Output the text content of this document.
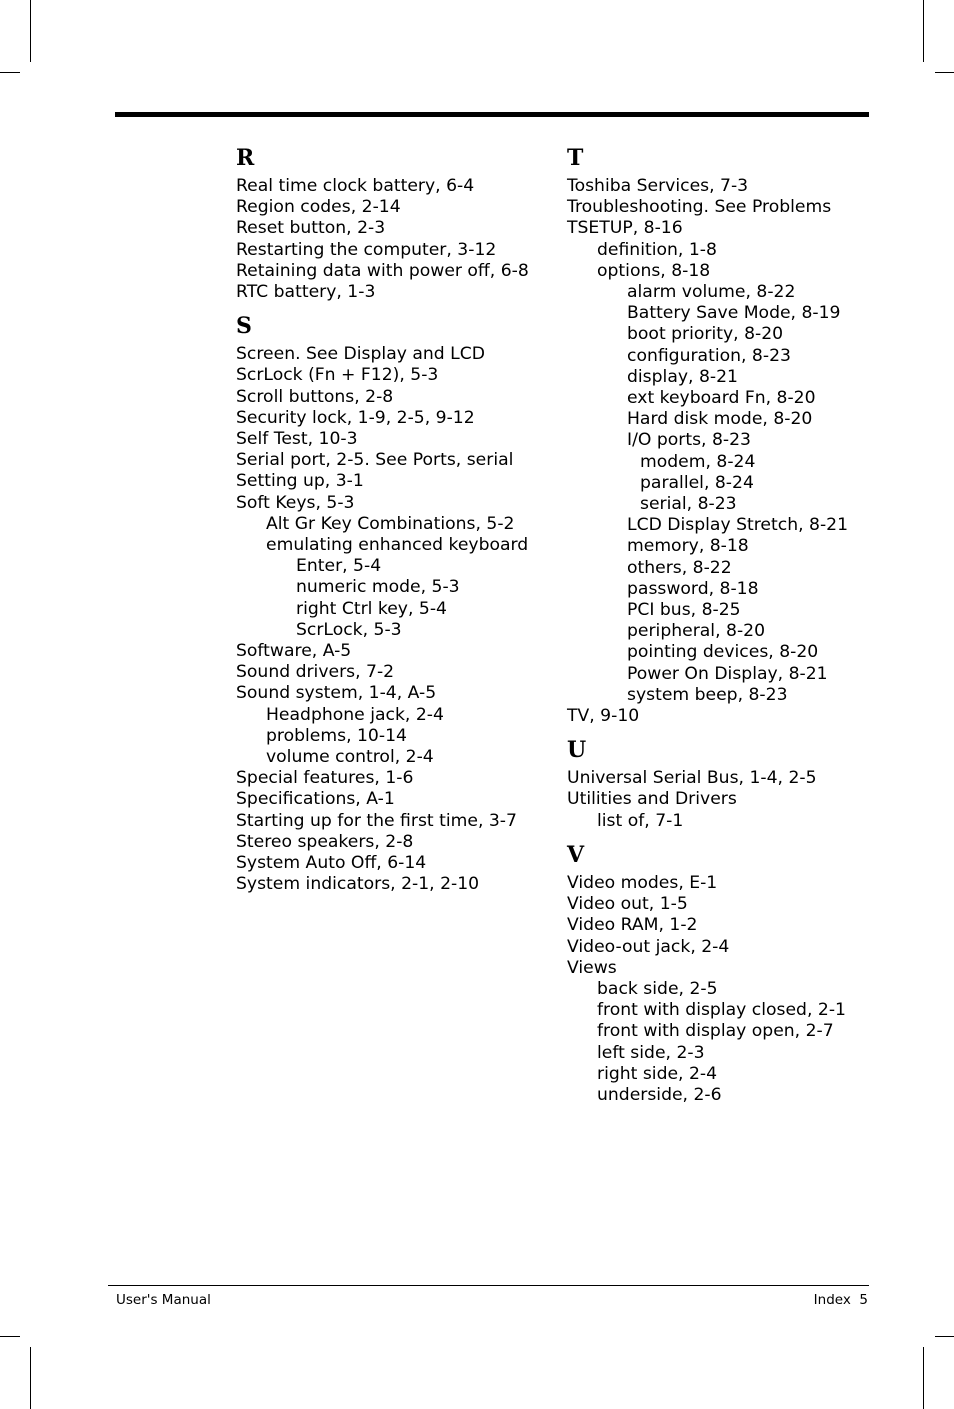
R
Real time clock battery, 6-4
Region codes, 2-14
Reset button, 2-3
Restarting the computer, 3-12
Retaining data with power off, 6-8
RTC battery, 1-3
S
Screen. See Display and LCD
ScrLock (Fn + F12), 5-3
Scroll buttons, 2-8
Security lock, 1-9, 2-5, 9-12
Self Test, 10-3
Serial port, 2-5. See Ports, serial
Setting up, 3-1
Soft Keys, 5-3
Alt Gr Key Combinations, 5-2
emulating enhanced keyboard
Enter, 5-4
numeric mode, 5-3
right Ctrl key, 5-4
ScrLock, 5-3
Software, A-5
Sound drivers, 7-2
Sound system, 1-4, A-5
Headphone jack, 2-4
problems, 10-14
volume control, 2-4
Special features, 1-6
Specifications, A-1
Starting up for the first time, 3-7
Stereo speakers, 2-8
System Auto Off, 6-14
System indicators, 2-1, 2-10
T
Toshiba Services, 7-3
Troubleshooting. See Problems
TSETUP, 8-16
definition, 1-8
options, 8-18
alarm volume, 8-22
Battery Save Mode, 8-19
boot priority, 8-20
configuration, 8-23
display, 8-21
ext keyboard Fn, 8-20
Hard disk mode, 8-20
I/O ports, 8-23
modem, 8-24
parallel, 8-24
serial, 8-23
LCD Display Stretch, 8-21
memory, 8-18
others, 8-22
password, 8-18
PCI bus, 8-25
peripheral, 8-20
pointing devices, 8-20
Power On Display, 8-21
system beep, 8-23
TV, 9-10
U
Universal Serial Bus, 1-4, 2-5
Utilities and Drivers
list of, 7-1
V
Video modes, E-1
Video out, 1-5
Video RAM, 1-2
Video-out jack, 2-4
Views
back side, 2-5
front with display closed, 2-1
front with display open, 2-7
left side, 2-3
right side, 2-4
underside, 2-6
User's Manual	Index  5
